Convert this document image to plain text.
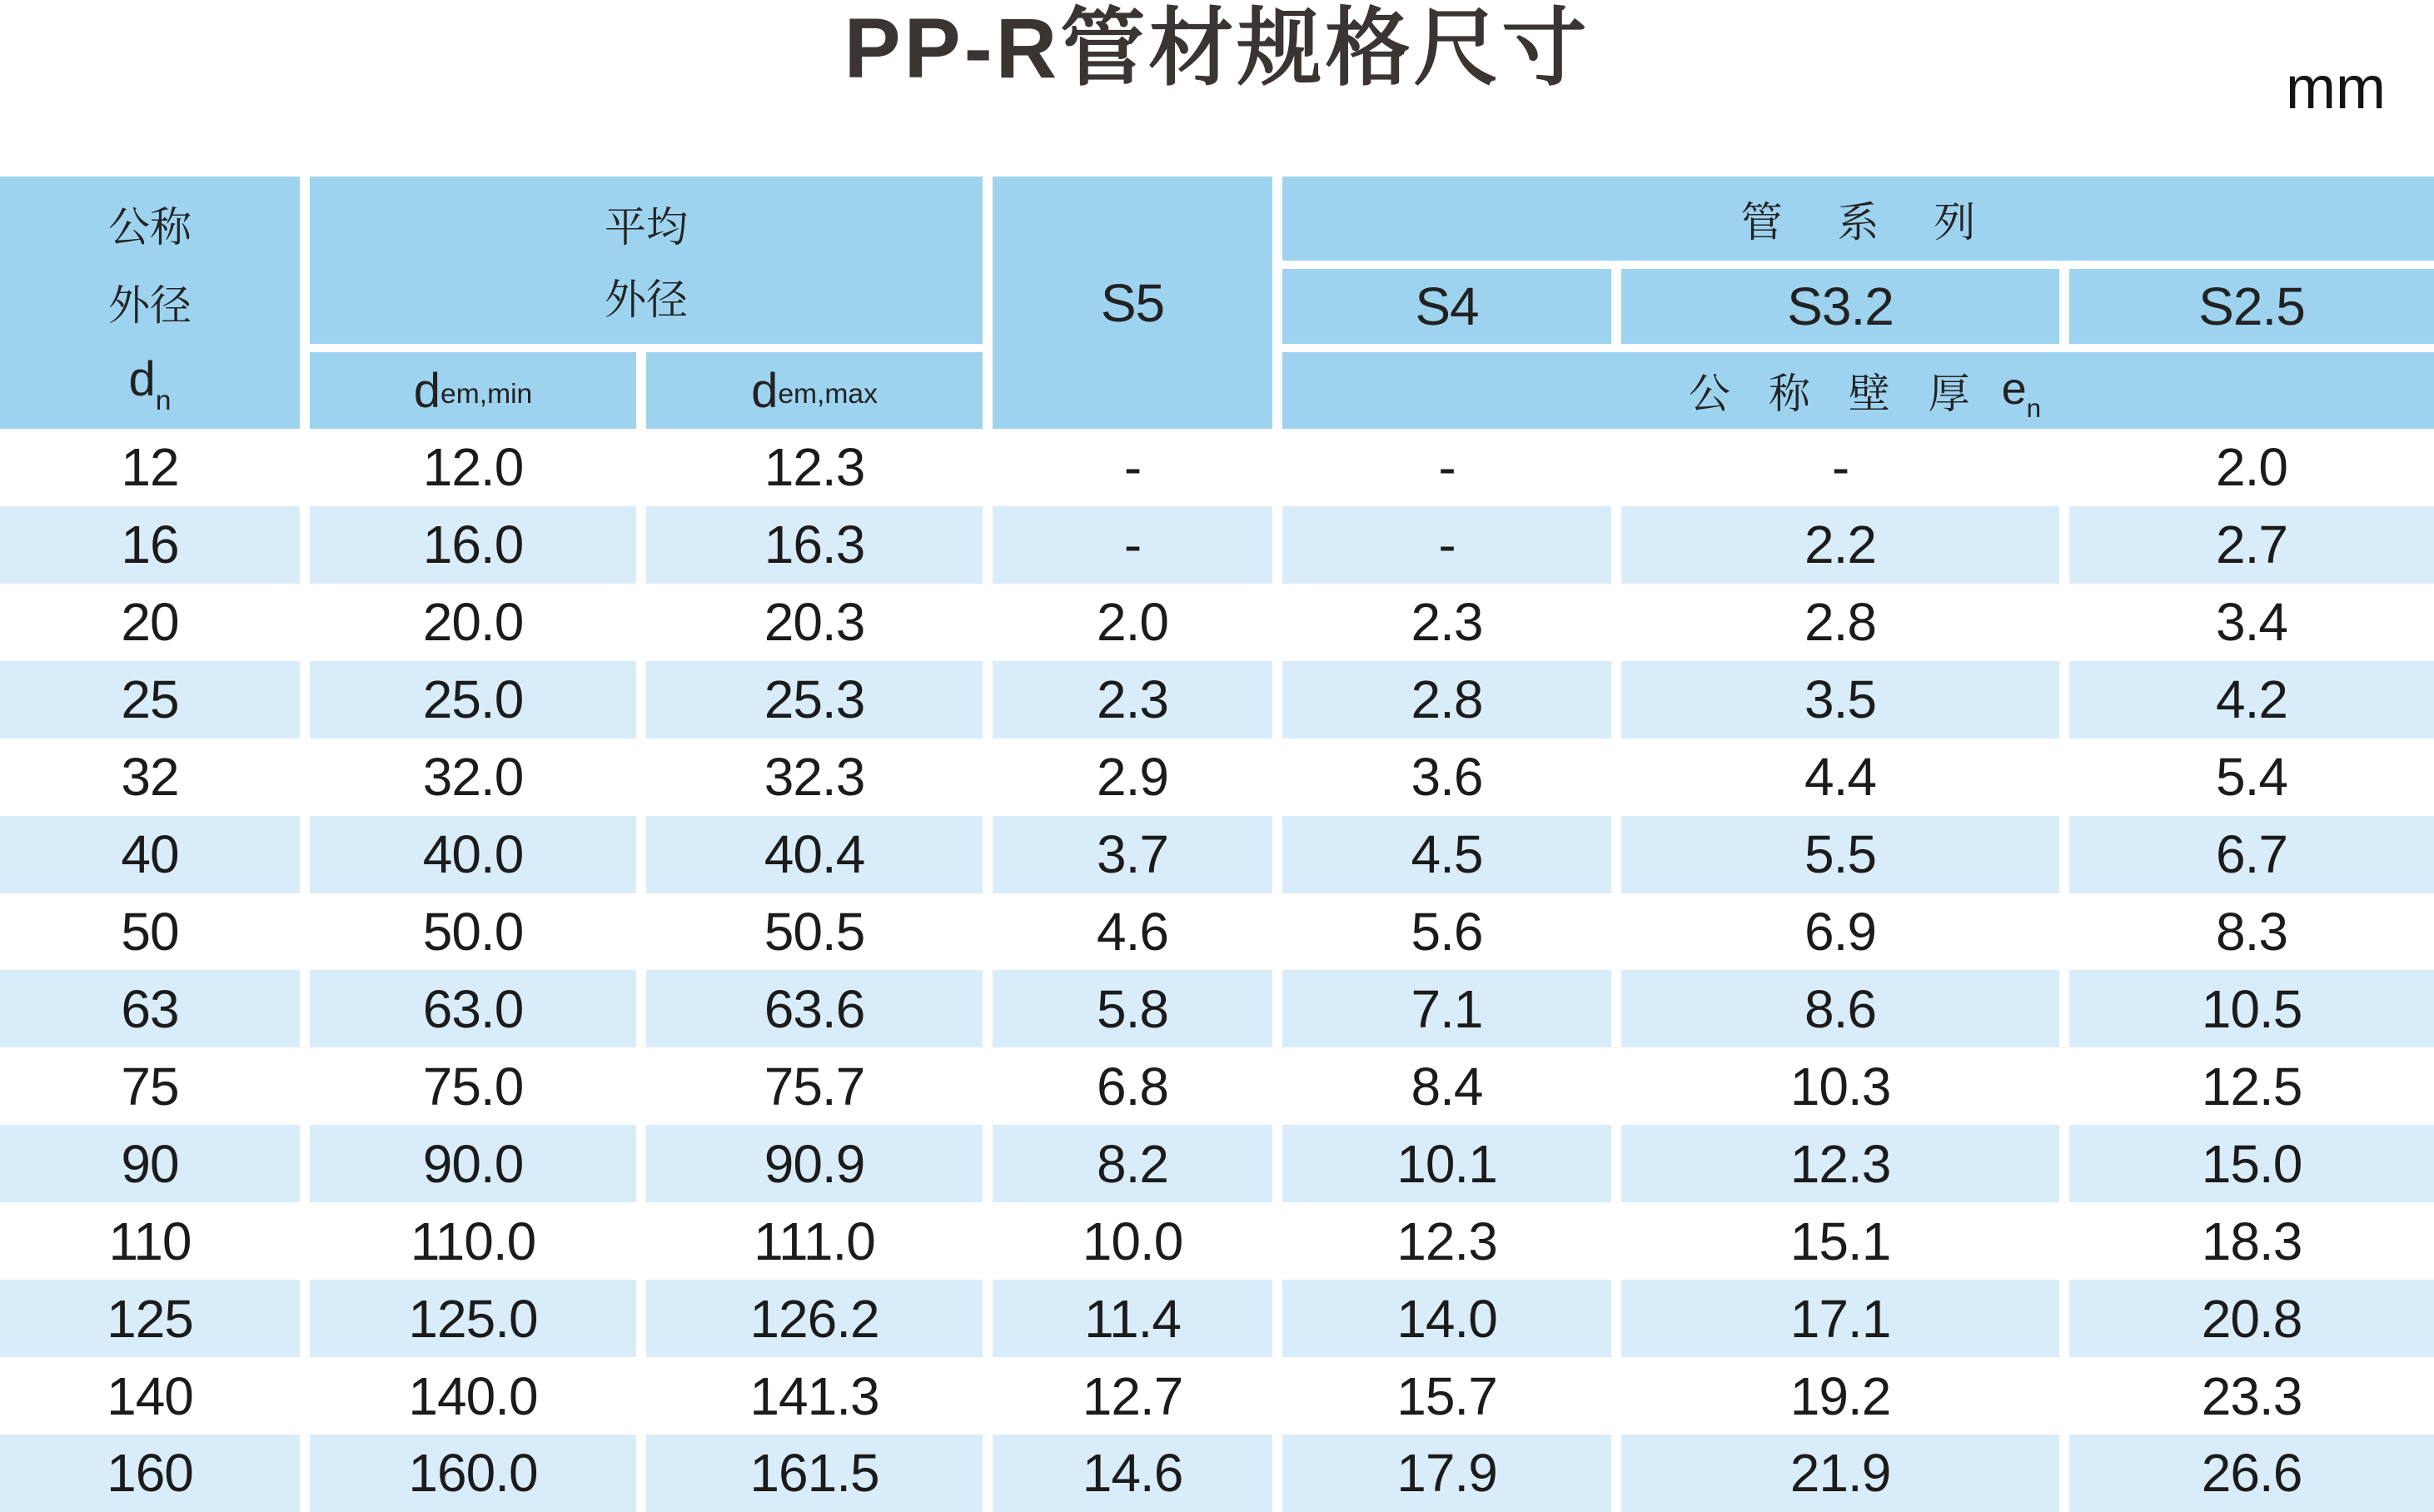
PP-R管材规格尺寸	mm
公称
外径
$d_n$
平均
外径
$d_{em,min}$	$d_{em,max}$
S5
管 系 列
S4	S3.2	S2.5
公 称 壁 厚 $e_n$
12	12.0	12.3	-	-	-	2.0
16	16.0	16.3	-	-	2.2	2.7
20	20.0	20.3	2.0	2.3	2.8	3.4
25	25.0	25.3	2.3	2.8	3.5	4.2
32	32.0	32.3	2.9	3.6	4.4	5.4
40	40.0	40.4	3.7	4.5	5.5	6.7
50	50.0	50.5	4.6	5.6	6.9	8.3
63	63.0	63.6	5.8	7.1	8.6	10.5
75	75.0	75.7	6.8	8.4	10.3	12.5
90	90.0	90.9	8.2	10.1	12.3	15.0
110	110.0	111.0	10.0	12.3	15.1	18.3
125	125.0	126.2	11.4	14.0	17.1	20.8
140	140.0	141.3	12.7	15.7	19.2	23.3
160	160.0	161.5	14.6	17.9	21.9	26.6
